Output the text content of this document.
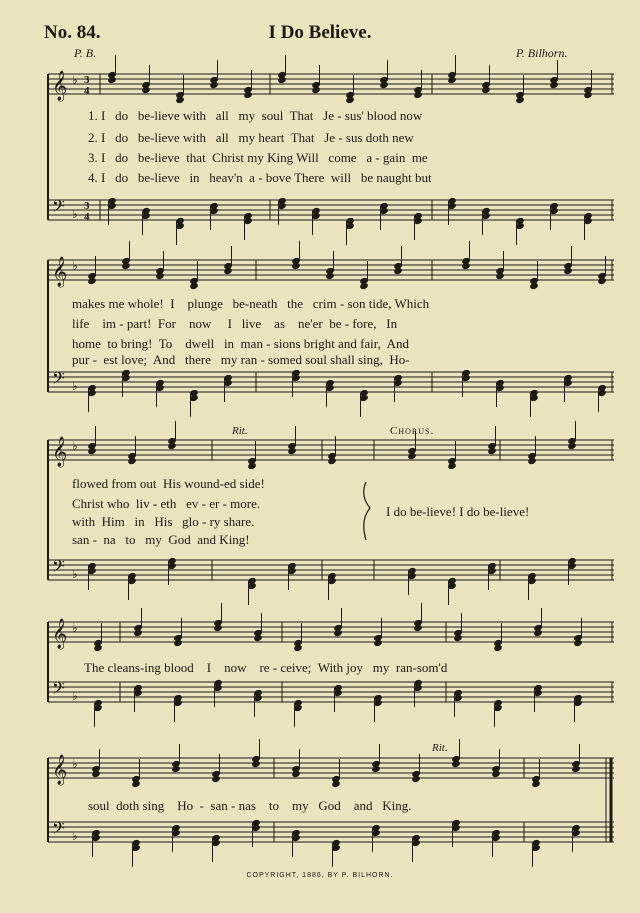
No. 84.	I Do Believe.
P. B.	P. Bilhorn.
𝄞 ♭
𝄢 ♭
𝄞 ♭
𝄢 ♭
𝄞 ♭
𝄢 ♭
𝄞 ♭
𝄢 ♭
𝄞 ♭
𝄢 ♭
3
4
3
4
1. I   do   be-lieve with   all   my  soul  That   Je - sus' blood now
2. I   do   be-lieve with   all   my heart  That   Je - sus doth new
3. I   do   be-lieve  that  Christ my King Will   come   a - gain  me
4. I   do   be-lieve   in   heav'n  a - bove There  will   be naught but
makes me whole!  I    plunge   be-neath   the   crim - son tide, Which
life    im - part!  For    now     I   live    as    ne'er  be - fore,   In
home  to bring!  To    dwell   in  man - sions bright and fair,  And
pur -  est love;  And   there   my ran - somed soul shall sing,  Ho-
flowed from out  His wound-ed side!
Christ who  liv - eth   ev - er - more.
with  Him   in   His   glo - ry share.
san -  na   to   my  God  and King!
I do be-lieve! I do be-lieve!
Rit.	Chorus.
The cleans-ing blood    I    now    re - ceive;  With joy   my  ran-som'd
soul  doth sing    Ho  -  san - nas    to    my   God    and   King.
Rit.
COPYRIGHT, 1886, BY P. BILHORN.
